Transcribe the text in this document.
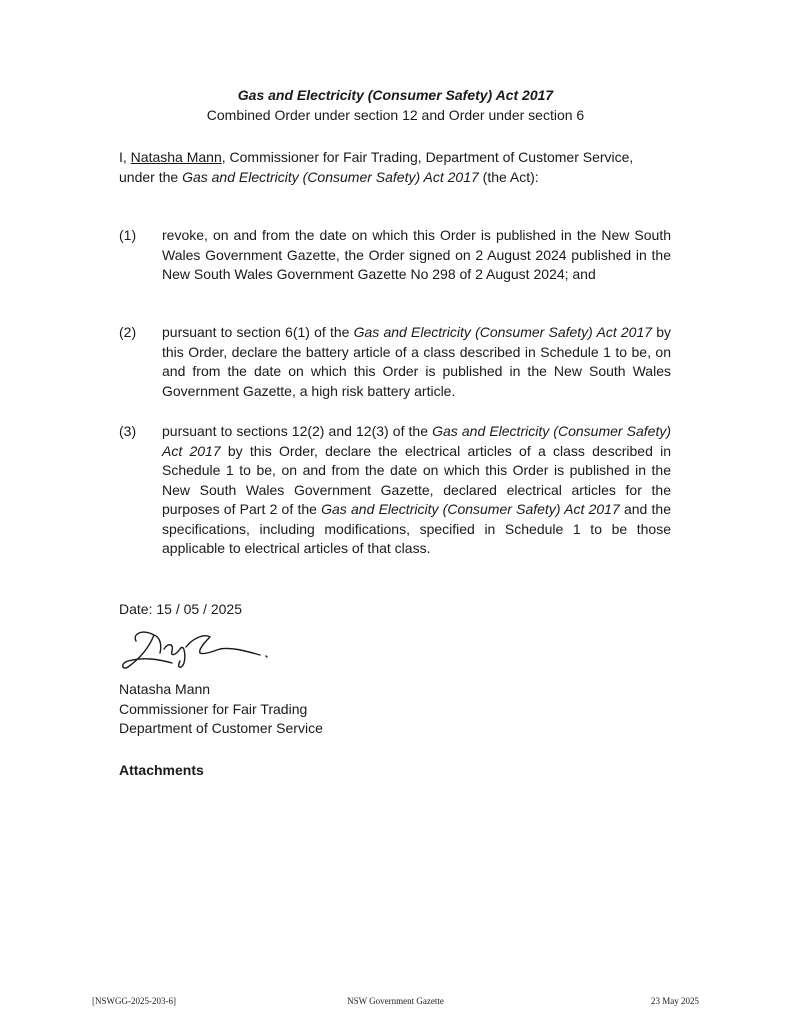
Gas and Electricity (Consumer Safety) Act 2017
Combined Order under section 12 and Order under section 6
I, Natasha Mann, Commissioner for Fair Trading, Department of Customer Service, under the Gas and Electricity (Consumer Safety) Act 2017 (the Act):
(1) revoke, on and from the date on which this Order is published in the New South Wales Government Gazette, the Order signed on 2 August 2024 published in the New South Wales Government Gazette No 298 of 2 August 2024; and
(2) pursuant to section 6(1) of the Gas and Electricity (Consumer Safety) Act 2017 by this Order, declare the battery article of a class described in Schedule 1 to be, on and from the date on which this Order is published in the New South Wales Government Gazette, a high risk battery article.
(3) pursuant to sections 12(2) and 12(3) of the Gas and Electricity (Consumer Safety) Act 2017 by this Order, declare the electrical articles of a class described in Schedule 1 to be, on and from the date on which this Order is published in the New South Wales Government Gazette, declared electrical articles for the purposes of Part 2 of the Gas and Electricity (Consumer Safety) Act 2017 and the specifications, including modifications, specified in Schedule 1 to be those applicable to electrical articles of that class.
Date: 15 / 05 / 2025
Natasha Mann
Commissioner for Fair Trading
Department of Customer Service
Attachments
NSW Government Gazette
[NSWGG-2025-203-6]	23 May 2025
